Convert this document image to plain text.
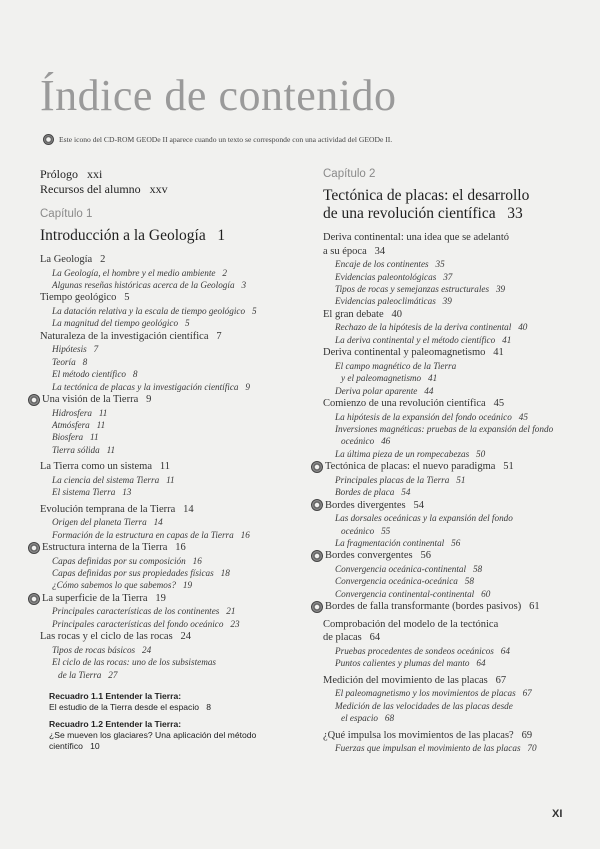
Índice de contenido
Este icono del CD-ROM GEODe II aparece cuando un texto se corresponde con una actividad del GEODe II.
Prólogo xxi
Recursos del alumno xxv
Capítulo 1
Introducción a la Geología 1
La Geología 2
La Geología, el hombre y el medio ambiente 2
Algunas reseñas históricas acerca de la Geología 3
Tiempo geológico 5
La datación relativa y la escala de tiempo geológico 5
La magnitud del tiempo geológico 5
Naturaleza de la investigación científica 7
Hipótesis 7
Teoría 8
El método científico 8
La tectónica de placas y la investigación científica 9
Una visión de la Tierra
9
Hidrosfera 11
Atmósfera 11
Biosfera 11
Tierra sólida 11
La Tierra como un sistema 11
La ciencia del sistema Tierra 11
El sistema Tierra 13
Evolución temprana de la Tierra 14
Origen del planeta Tierra 14
Formación de la estructura en capas de la Tierra 16
Estructura interna de la Tierra
16
Capas definidas por su composición 16
Capas definidas por sus propiedades físicas 18
¿Cómo sabemos lo que sabemos? 19
La superficie de la Tierra
19
Principales características de los continentes 21
Principales características del fondo oceánico 23
Las rocas y el ciclo de las rocas 24
Tipos de rocas básicos 24
El ciclo de las rocas: uno de los subsistemas
de la Tierra 27
Recuadro 1.1 Entender la Tierra:
El estudio de la Tierra desde el espacio 8
Recuadro 1.2 Entender la Tierra:
¿Se mueven los glaciares? Una aplicación del método
científico 10
Capítulo 2
Tectónica de placas: el desarrollo
de una revolución científica 33
Deriva continental: una idea que se adelantó
a su época 34
Encaje de los continentes 35
Evidencias paleontológicas 37
Tipos de rocas y semejanzas estructurales 39
Evidencias paleoclimáticas 39
El gran debate 40
Rechazo de la hipótesis de la deriva continental 40
La deriva continental y el método científico 41
Deriva continental y paleomagnetismo 41
El campo magnético de la Tierra
y el paleomagnetismo 41
Deriva polar aparente 44
Comienzo de una revolución científica 45
La hipótesis de la expansión del fondo oceánico 45
Inversiones magnéticas: pruebas de la expansión del fondo
oceánico 46
La última pieza de un rompecabezas 50
Tectónica de placas: el nuevo paradigma
51
Principales placas de la Tierra 51
Bordes de placa 54
Bordes divergentes
54
Las dorsales oceánicas y la expansión del fondo
oceánico 55
La fragmentación continental 56
Bordes convergentes
56
Convergencia oceánica-continental 58
Convergencia oceánica-oceánica 58
Convergencia continental-continental 60
Bordes de falla transformante (bordes pasivos)
61
Comprobación del modelo de la tectónica
de placas 64
Pruebas procedentes de sondeos oceánicos 64
Puntos calientes y plumas del manto 64
Medición del movimiento de las placas 67
El paleomagnetismo y los movimientos de placas 67
Medición de las velocidades de las placas desde
el espacio 68
¿Qué impulsa los movimientos de las placas? 69
Fuerzas que impulsan el movimiento de las placas 70
XI
